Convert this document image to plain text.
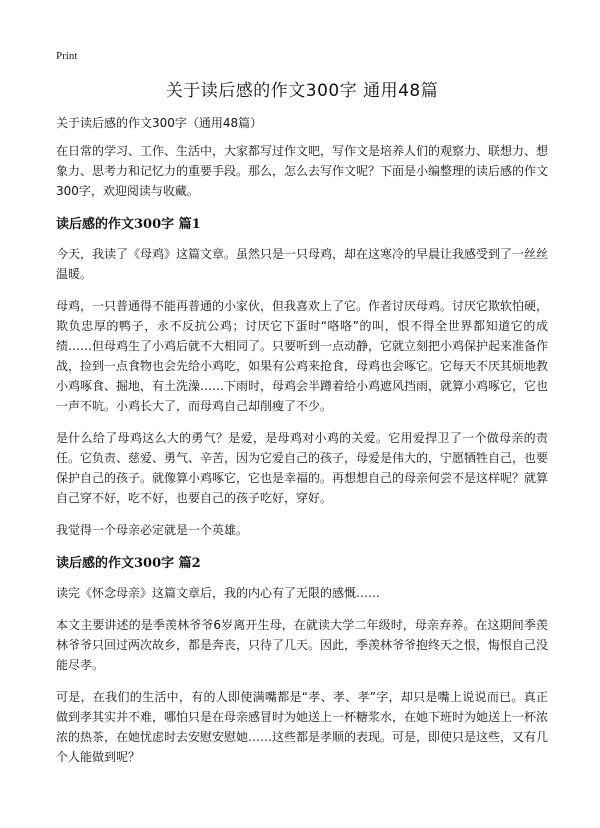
Print
关于读后感的作文300字 通用48篇

关于读后感的作文300字（通用48篇）

在日常的学习、工作、生活中，大家都写过作文吧，写作文是培养人们的观察力、联想力、想象力、思考力和记忆力的重要手段。那么，怎么去写作文呢？下面是小编整理的读后感的作文300字，欢迎阅读与收藏。

读后感的作文300字 篇1

今天，我读了《母鸡》这篇文章。虽然只是一只母鸡，却在这寒冷的早晨让我感受到了一丝丝温暖。

母鸡，一只普通得不能再普通的小家伙，但我喜欢上了它。作者讨厌母鸡。讨厌它欺软怕硬，欺负忠厚的鸭子，永不反抗公鸡；讨厌它下蛋时“咯咯”的叫，恨不得全世界都知道它的成绩……但母鸡生了小鸡后就不大相同了。只要听到一点动静，它就立刻把小鸡保护起来准备作战，捡到一点食物也会先给小鸡吃，如果有公鸡来抢食，母鸡也会啄它。它每天不厌其烦地教小鸡啄食、掘地，有土洗澡……下雨时，母鸡会半蹲着给小鸡遮风挡雨，就算小鸡啄它，它也一声不吭。小鸡长大了，而母鸡自己却削瘦了不少。

是什么给了母鸡这么大的勇气？是爱，是母鸡对小鸡的关爱。它用爱捍卫了一个做母亲的责任。它负责、慈爱、勇气、辛苦，因为它爱自己的孩子，母爱是伟大的，宁愿牺牲自己，也要保护自己的孩子。就像算小鸡啄它，它也是幸福的。再想想自己的母亲何尝不是这样呢？就算自己穿不好，吃不好，也要自己的孩子吃好，穿好。

我觉得一个母亲必定就是一个英雄。

读后感的作文300字 篇2

读完《怀念母亲》这篇文章后，我的内心有了无限的感慨……

本文主要讲述的是季羡林爷爷6岁离开生母，在就读大学二年级时，母亲弃养。在这期间季羡林爷爷只回过两次故乡，都是奔丧，只待了几天。因此，季羡林爷爷抱终天之恨，悔恨自己没能尽孝。

可是，在我们的生活中，有的人即使满嘴都是“孝、孝、孝”字，却只是嘴上说说而已。真正做到孝其实并不难，哪怕只是在母亲感冒时为她送上一杯糖浆水，在她下班时为她送上一杯浓浓的热茶，在她忧虑时去安慰安慰她……这些都是孝顺的表现。可是，即使只是这些，又有几个人能做到呢？
